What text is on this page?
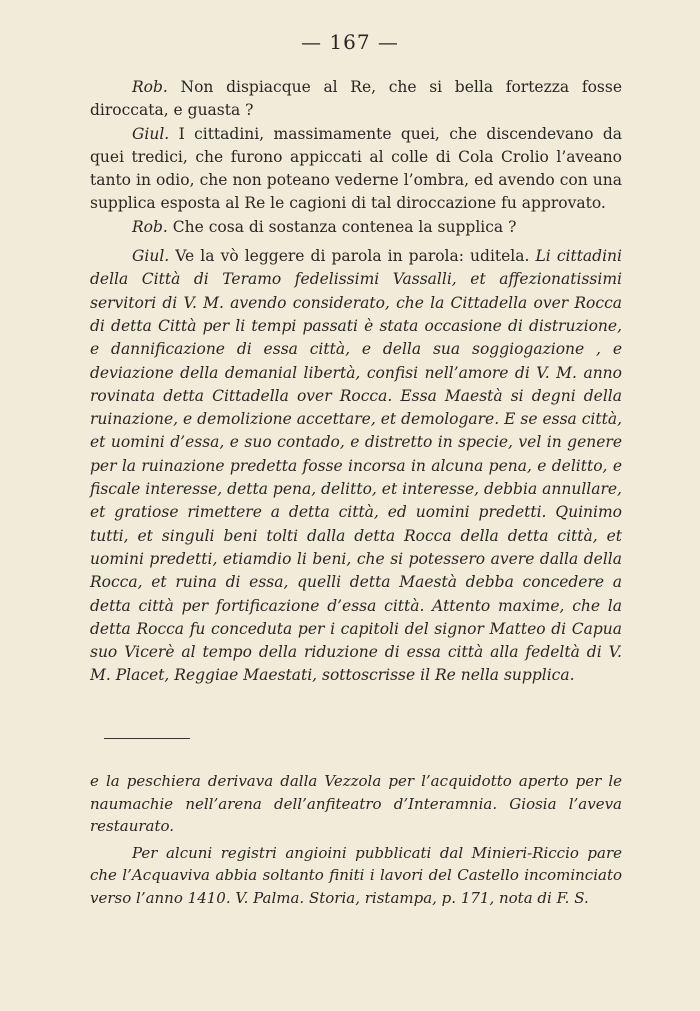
— 167 —

Rob. Non dispiacque al Re, che si bella fortezza fosse diroccata, e guasta ?

Giul. I cittadini, massimamente quei, che discendevano da quei tredici, che furono appiccati al colle di Cola Crolio l’aveano tanto in odio, che non poteano vederne l’ombra, ed avendo con una supplica esposta al Re le cagioni di tal diroccazione fu approvato.

Rob. Che cosa di sostanza contenea la supplica ?

Giul. Ve la vò leggere di parola in parola: uditela. Li cittadini della Città di Teramo fedelissimi Vassalli, et affezionatissimi servitori di V. M. avendo considerato, che la Cittadella over Rocca di detta Città per li tempi passati è stata occasione di distruzione, e dannificazione di essa città, e della sua soggiogazione , e deviazione della demanial libertà, confisi nell’amore di V. M. anno rovinata detta Cittadella over Rocca. Essa Maestà si degni della ruinazione, e demolizione accettare, et demologare. E se essa città, et uomini d’essa, e suo contado, e distretto in specie, vel in genere per la ruinazione predetta fosse incorsa in alcuna pena, e delitto, e fiscale interesse, detta pena, delitto, et interesse, debbia annullare, et gratiose rimettere a detta città, ed uomini predetti. Quinimo tutti, et singuli beni tolti dalla detta Rocca della detta città, et uomini predetti, etiamdio li beni, che si potessero avere dalla della Rocca, et ruina di essa, quelli detta Maestà debba concedere a detta città per fortificazione d’essa città. Attento maxime, che la detta Rocca fu conceduta per i capitoli del signor Matteo di Capua suo Vicerè al tempo della riduzione di essa città alla fedeltà di V. M. Placet, Reggiae Maestati, sottoscrisse il Re nella supplica.

e la peschiera derivava dalla Vezzola per l’acquidotto aperto per le naumachie nell’arena dell’anfiteatro d’Interamnia. Giosia l’aveva restaurato.

Per alcuni registri angioini pubblicati dal Minieri-Riccio pare che l’Acquaviva abbia soltanto finiti i lavori del Castello incominciato verso l’anno 1410. V. Palma. Storia, ristampa, p. 171, nota di F. S.
